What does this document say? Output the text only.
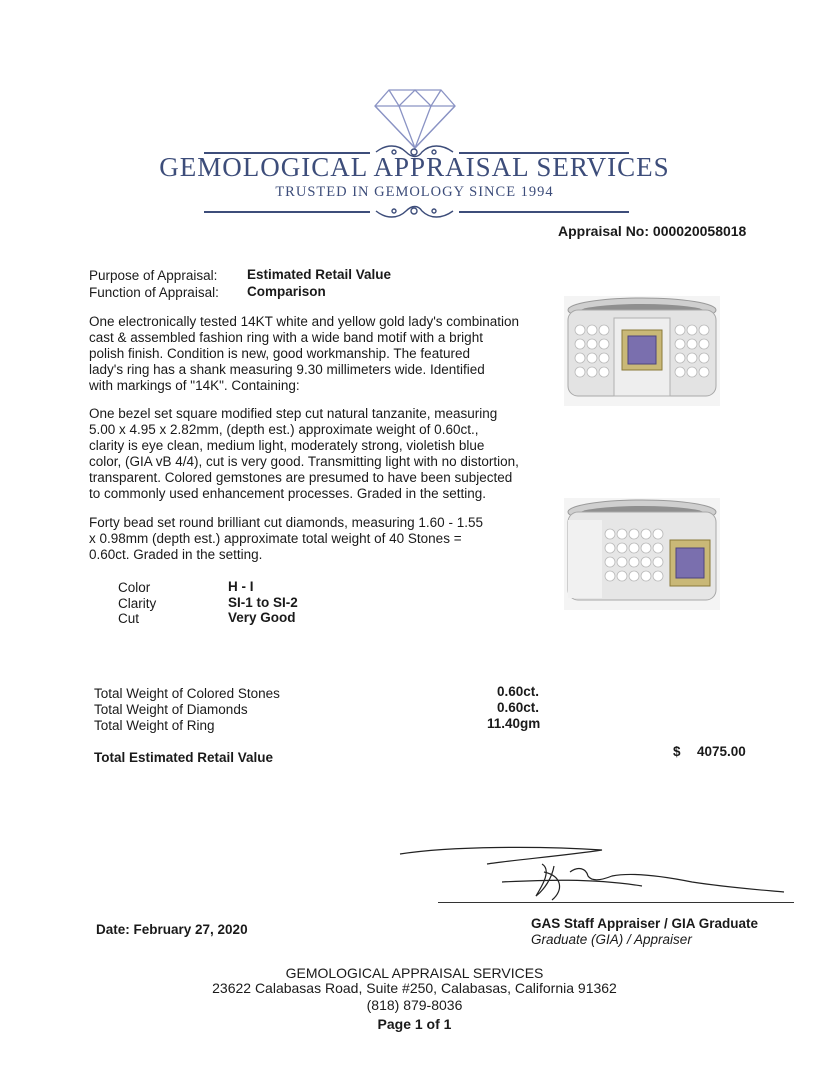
GEMOLOGICAL APPRAISAL SERVICES
TRUSTED IN GEMOLOGY SINCE 1994
Appraisal No: 000020058018
Purpose of Appraisal: Estimated Retail Value
Function of Appraisal: Comparison
One electronically tested 14KT white and yellow gold lady's combination
cast & assembled fashion ring with a wide band motif with a bright
polish finish. Condition is new, good workmanship. The featured
lady's ring has a shank measuring 9.30 millimeters wide. Identified
with markings of "14K". Containing:
One bezel set square modified step cut natural tanzanite, measuring
5.00 x 4.95 x 2.82mm, (depth est.) approximate weight of 0.60ct.,
clarity is eye clean, medium light, moderately strong, violetish blue
color, (GIA vB 4/4), cut is very good. Transmitting light with no distortion,
transparent. Colored gemstones are presumed to have been subjected
to commonly used enhancement processes. Graded in the setting.
Forty bead set round brilliant cut diamonds, measuring 1.60 - 1.55
x 0.98mm (depth est.) approximate total weight of 40 Stones =
0.60ct. Graded in the setting.
Color	H - I
Clarity	SI-1 to SI-2
Cut	Very Good
Total Weight of Colored Stones	0.60ct.
Total Weight of Diamonds	0.60ct.
Total Weight of Ring	11.40gm
Total Estimated Retail Value	$ 4075.00
GAS Staff Appraiser / GIA Graduate
Graduate (GIA) / Appraiser
Date: February 27, 2020
GEMOLOGICAL APPRAISAL SERVICES
23622 Calabasas Road, Suite #250, Calabasas, California 91362
(818) 879-8036
Page 1 of 1
